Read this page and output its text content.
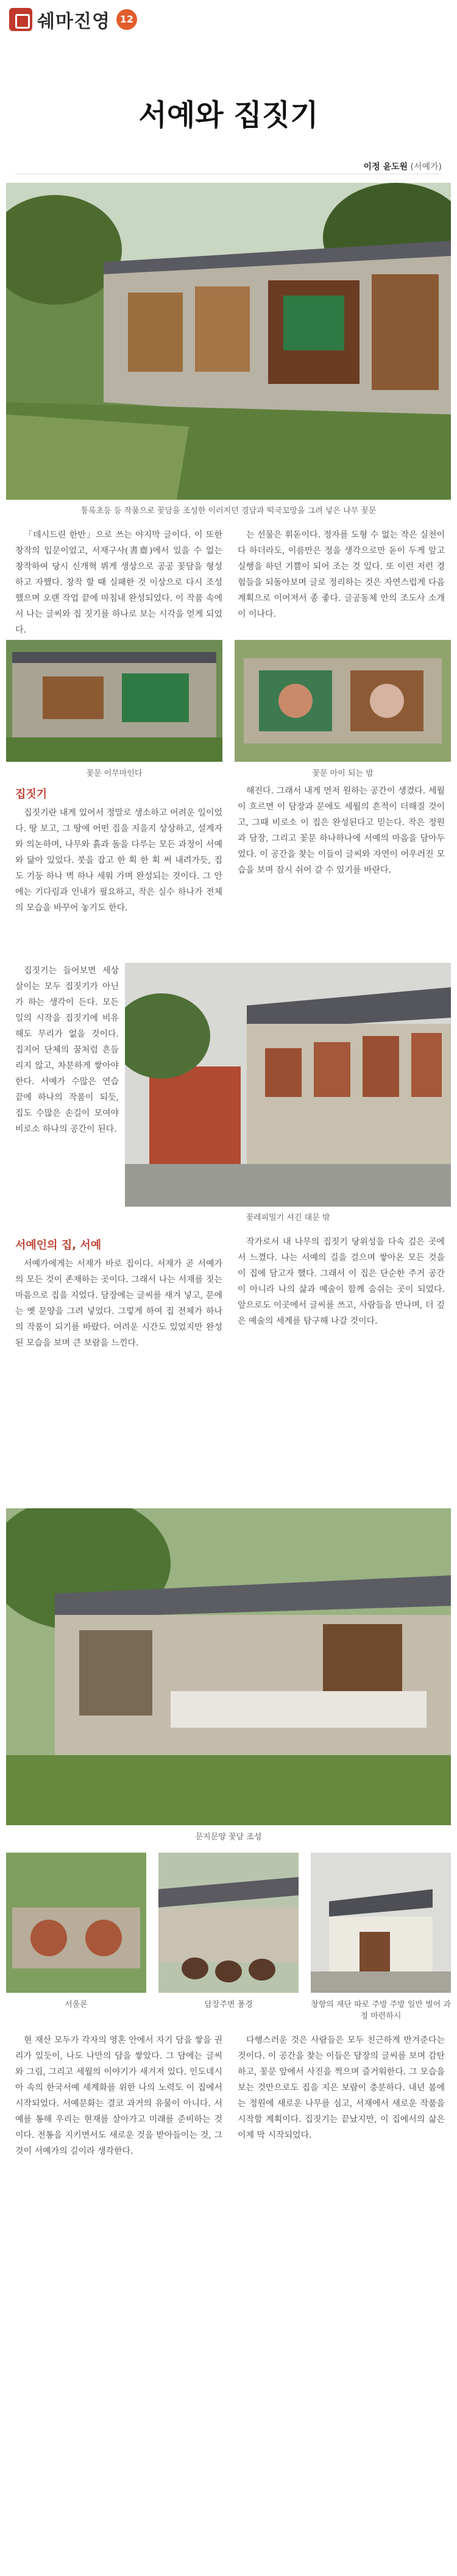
쉐마진영 12
서예와 집짓기
이정 윤도원 (서예가)
통록초등 등 작품으로 꽃담을 조성한 이러지던 경담과 떡국꼬망을 그려 넣은 나무 꽃문

「데시드린 한반」으로 쓰는 야지막 글이다. 이 또한 창작의 입문이었고, 서재구사(書齋)에서 있을 수 없는 창작하여 당시 신개혁 뷔게 생상으로 공공 꽃담을 형성하고 자했다. 창작 할 때 실패한 것 이상으로 다시 조성했으며 오랜 작업 끝에 마침내 완성되었다. 이 작품 속에서 나는 글씨와 집 짓기를 하나로 보는 시각을 얻게 되었다.

는 선물은 휘돋이다. 정자를 도형 수 없는 작은 실천이다 하더라도, 이름만은 정을 생각으로만 돋이 두게 앞고 실행을 하던 기쁨이 되어 조는 것 있다. 또 이런 저런 경험들을 되돌아보며 글로 정리하는 것은 자연스럽게 다음 계획으로 이어져서 종 좋다. 글공동체 안의 조도사 소개이 이나다.

꽃문 이무마인다	꽃문 아이 되는 밤
집짓기

집짓기란 내게 있어서 정말로 생소하고 어려운 일이었다. 땅 보고, 그 땅에 어떤 집을 지을지 상상하고, 설계자와 의논하며, 나무와 흙과 돌을 다루는 모든 과정이 서예와 닮아 있었다. 붓을 잡고 한 획 한 획 써 내려가듯, 집도 기둥 하나 벽 하나 세워 가며 완성되는 것이다. 그 안에는 기다림과 인내가 필요하고, 작은 실수 하나가 전체의 모습을 바꾸어 놓기도 한다.

해진다. 그래서 내게 먼저 원하는 공간이 생겼다. 세월이 흐르면 이 담장과 문에도 세월의 흔적이 더해질 것이고, 그때 비로소 이 집은 완성된다고 믿는다. 작은 정원과 담장, 그리고 꽃문 하나하나에 서예의 마음을 담아두었다. 이 공간을 찾는 이들이 글씨와 자연이 어우러진 모습을 보며 잠시 쉬어 갈 수 있기를 바란다.

꽃레피밀기 셔긴 대문 밖

집짓기는 들어보면 세상살이는 모두 집짓기가 아닌가 하는 생각이 든다. 모든 일의 시작을 집짓기에 비유해도 무리가 없을 것이다. 집지어 단체의 꿈처럼 흔들리지 않고, 차분하게 쌓아야 한다. 서예가 수많은 연습 끝에 하나의 작품이 되듯, 집도 수많은 손길이 모여야 비로소 하나의 공간이 된다.

서예인의 집, 서예

서예가에게는 서재가 바로 집이다. 서재가 곧 서예가의 모든 것이 존재하는 곳이다. 그래서 나는 서재를 짓는 마음으로 집을 지었다. 담장에는 글씨를 새겨 넣고, 문에는 옛 문양을 그려 넣었다. 그렇게 하여 집 전체가 하나의 작품이 되기를 바랐다. 어려운 시간도 있었지만 완성된 모습을 보며 큰 보람을 느낀다.

작가로서 내 나무의 집짓기 당위성을 다속 깊은 곳에서 느꼈다. 나는 서예의 길을 걸으며 쌓아온 모든 것을 이 집에 담고자 했다. 그래서 이 집은 단순한 주거 공간이 아니라 나의 삶과 예술이 함께 숨쉬는 곳이 되었다. 앞으로도 이곳에서 글씨를 쓰고, 사람들을 만나며, 더 깊은 예술의 세계를 탐구해 나갈 것이다.

문지문양 꽃담 조성
서울론	담장주변 풍경	창향의 재단 따로 주방 주방 일반 벌어 과정 마련하시

현 재산 모두가 각자의 영혼 안에서 자기 담을 쌓을 권리가 있듯이, 나도 나만의 담을 쌓았다. 그 담에는 글씨와 그림, 그리고 세월의 이야기가 새겨져 있다. 인도네시아 속의 한국서예 세계화를 위한 나의 노력도 이 집에서 시작되었다. 서예문화는 결코 과거의 유물이 아니다. 서예를 통해 우리는 현재를 살아가고 미래를 준비하는 것이다. 전통을 지키면서도 새로운 것을 받아들이는 것, 그것이 서예가의 길이라 생각한다.

다행스러운 것은 사람들은 모두 친근하게 반겨준다는 것이다. 이 공간을 찾는 이들은 담장의 글씨를 보며 감탄하고, 꽃문 앞에서 사진을 찍으며 즐거워한다. 그 모습을 보는 것만으로도 집을 지은 보람이 충분하다. 내년 봄에는 정원에 새로운 나무를 심고, 서재에서 새로운 작품을 시작할 계획이다. 집짓기는 끝났지만, 이 집에서의 삶은 이제 막 시작되었다.
